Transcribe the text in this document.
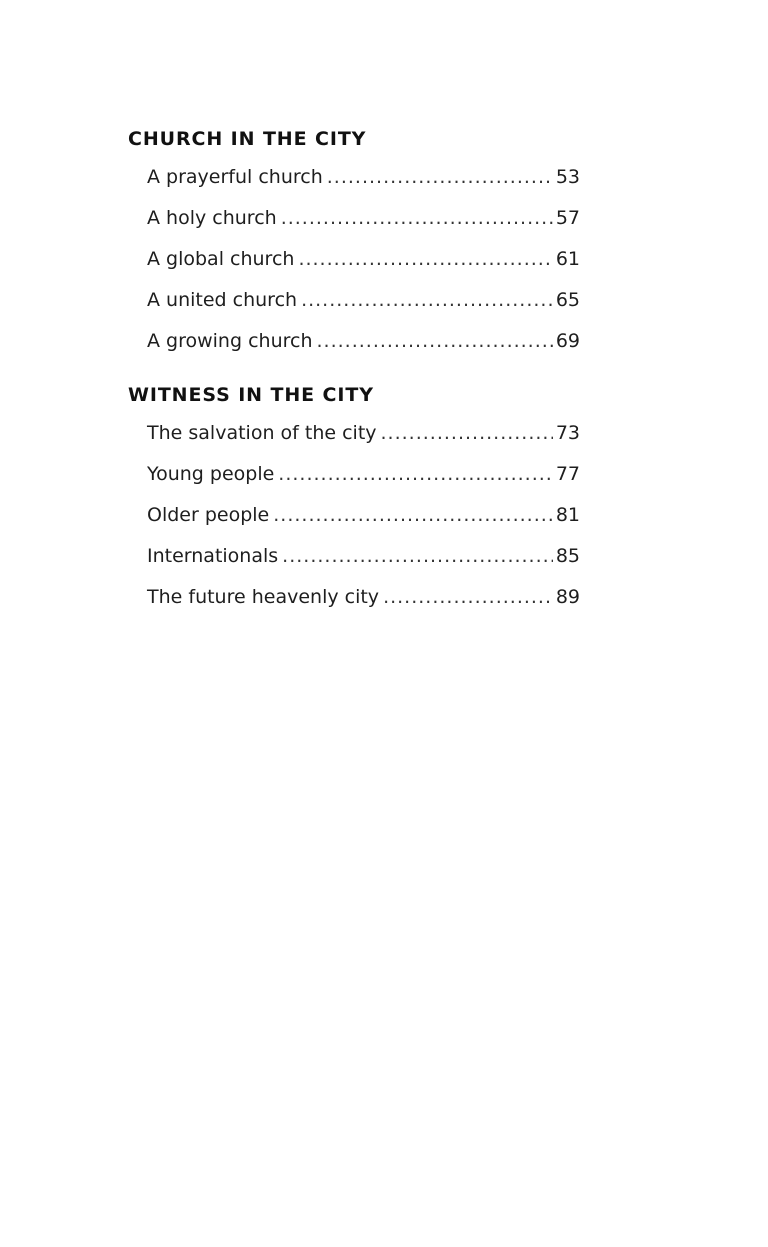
CHURCH IN THE CITY
A prayerful church .....	53
A holy church .....	57
A global church .....	61
A united church .....	65
A growing church .....	69
WITNESS IN THE CITY
The salvation of the city .....	73
Young people .....	77
Older people .....	81
Internationals .....	85
The future heavenly city .....	89
